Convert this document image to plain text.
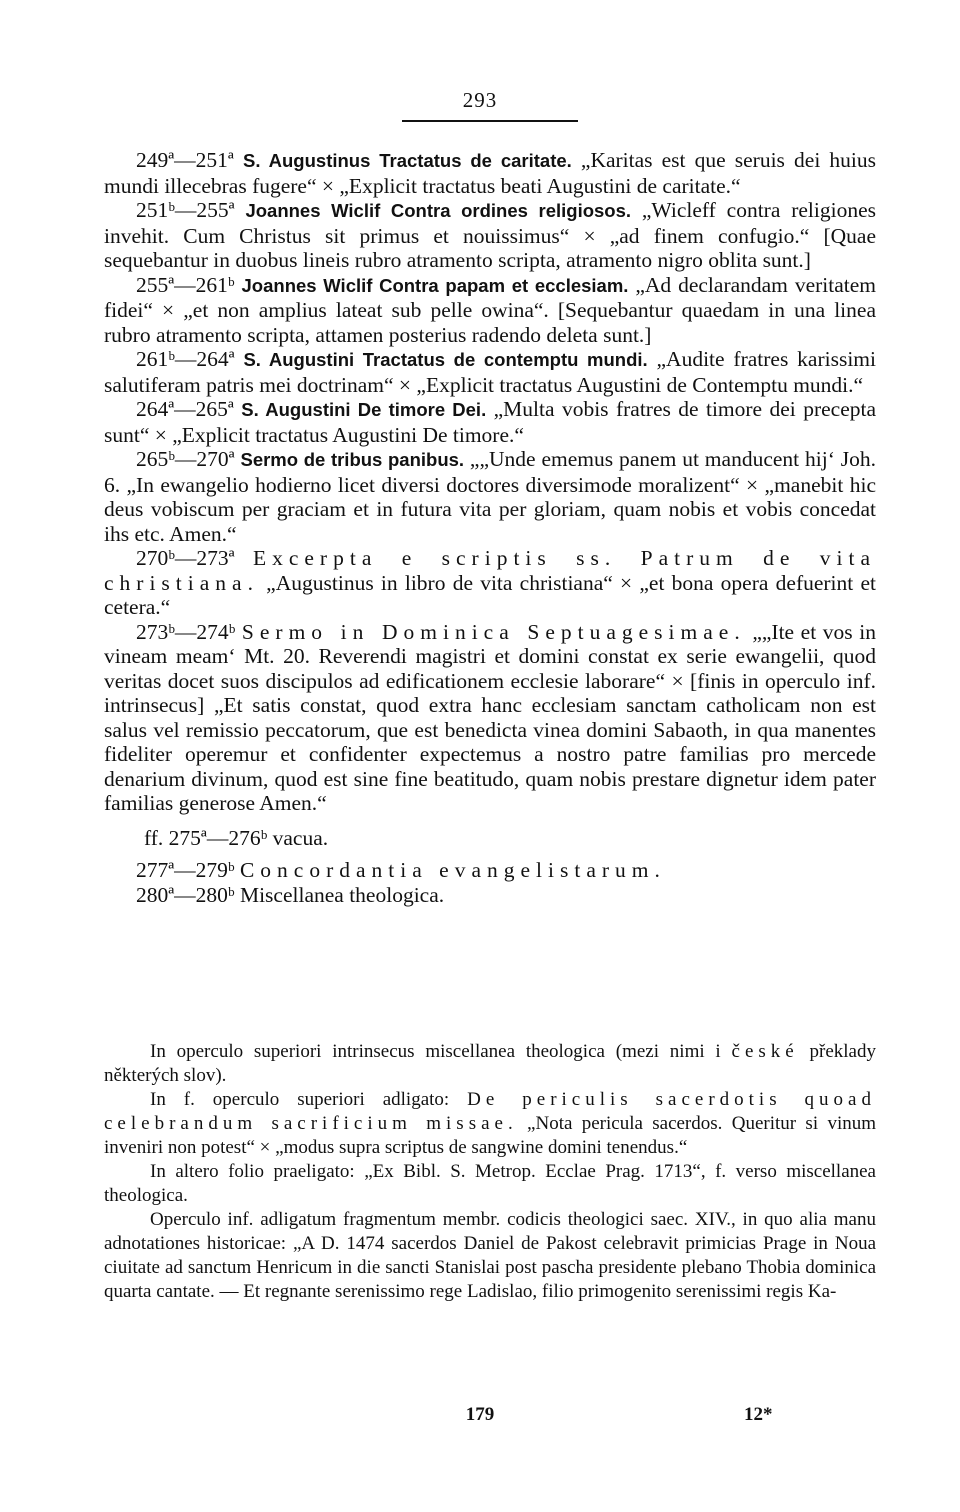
293

249ª—251ª S. Augustinus Tractatus de caritate. „Karitas est que seruis dei huius mundi illecebras fugere“ × „Explicit tractatus beati Augustini de caritate.“

251ᵇ—255ª Joannes Wiclif Contra ordines religiosos. „Wicleff contra religiones invehit. Cum Christus sit primus et nouissimus“ × „ad finem confugio.“ [Quae sequebantur in duobus lineis rubro atramento scripta, atramento nigro oblita sunt.]

255ª—261ᵇ Joannes Wiclif Contra papam et ecclesiam. „Ad declarandam veritatem fidei“ × „et non amplius lateat sub pelle owina“. [Sequebantur quaedam in una linea rubro atramento scripta, attamen posterius radendo deleta sunt.]

261ᵇ—264ª S. Augustini Tractatus de contemptu mundi. „Audite fratres karissimi salutiferam patris mei doctrinam“ × „Explicit tractatus Augustini de Contemptu mundi.“

264ª—265ª S. Augustini De timore Dei. „Multa vobis fratres de timore dei precepta sunt“ × „Explicit tractatus Augustini De timore.“

265ᵇ—270ª Sermo de tribus panibus. „„Unde ememus panem ut manducent hij‘ Joh. 6. „In ewangelio hodierno licet diversi doctores diversimode moralizent“ × „manebit hic deus vobiscum per graciam et in futura vita per gloriam, quam nobis et vobis concedat ihs etc. Amen.“

270ᵇ—273ª Excerpta e scriptis ss. Patrum de vita christiana. „Augustinus in libro de vita christiana“ × „et bona opera defuerint et cetera.“

273ᵇ—274ᵇ Sermo in Dominica Septuagesimae. „„Ite et vos in vineam meam‘ Mt. 20. Reverendi magistri et domini constat ex serie ewangelii, quod veritas docet suos discipulos ad edificationem ecclesie laborare“ × [finis in operculo inf. intrinsecus] „Et satis constat, quod extra hanc ecclesiam sanctam catholicam non est salus vel remissio peccatorum, que est benedicta vinea domini Sabaoth, in qua manentes fideliter operemur et confidenter expectemus a nostro patre familias pro mercede denarium divinum, quod est sine fine beatitudo, quam nobis prestare dignetur idem pater familias generose Amen.“

ff. 275ª—276ᵇ vacua.

277ª—279ᵇ Concordantia evangelistarum.

280ª—280ᵇ Miscellanea theologica.

In operculo superiori intrinsecus miscellanea theologica (mezi nimi i české překlady některých slov).

In f. operculo superiori adligato: De periculis sacerdotis quoad celebrandum sacrificium missae. „Nota pericula sacerdos. Queritur si vinum inveniri non potest“ × „modus supra scriptus de sangwine domini tenendus.“

In altero folio praeligato: „Ex Bibl. S. Metrop. Ecclae Prag. 1713“, f. verso miscellanea theologica.

Operculo inf. adligatum fragmentum membr. codicis theologici saec. XIV., in quo alia manu adnotationes historicae: „A D. 1474 sacerdos Daniel de Pakost celebravit primicias Prage in Noua ciuitate ad sanctum Henricum in die sancti Stanislai post pascha presidente plebano Thobia dominica quarta cantate. — Et regnante serenissimo rege Ladislao, filio primogenito serenissimi regis Ka-

179	12*
